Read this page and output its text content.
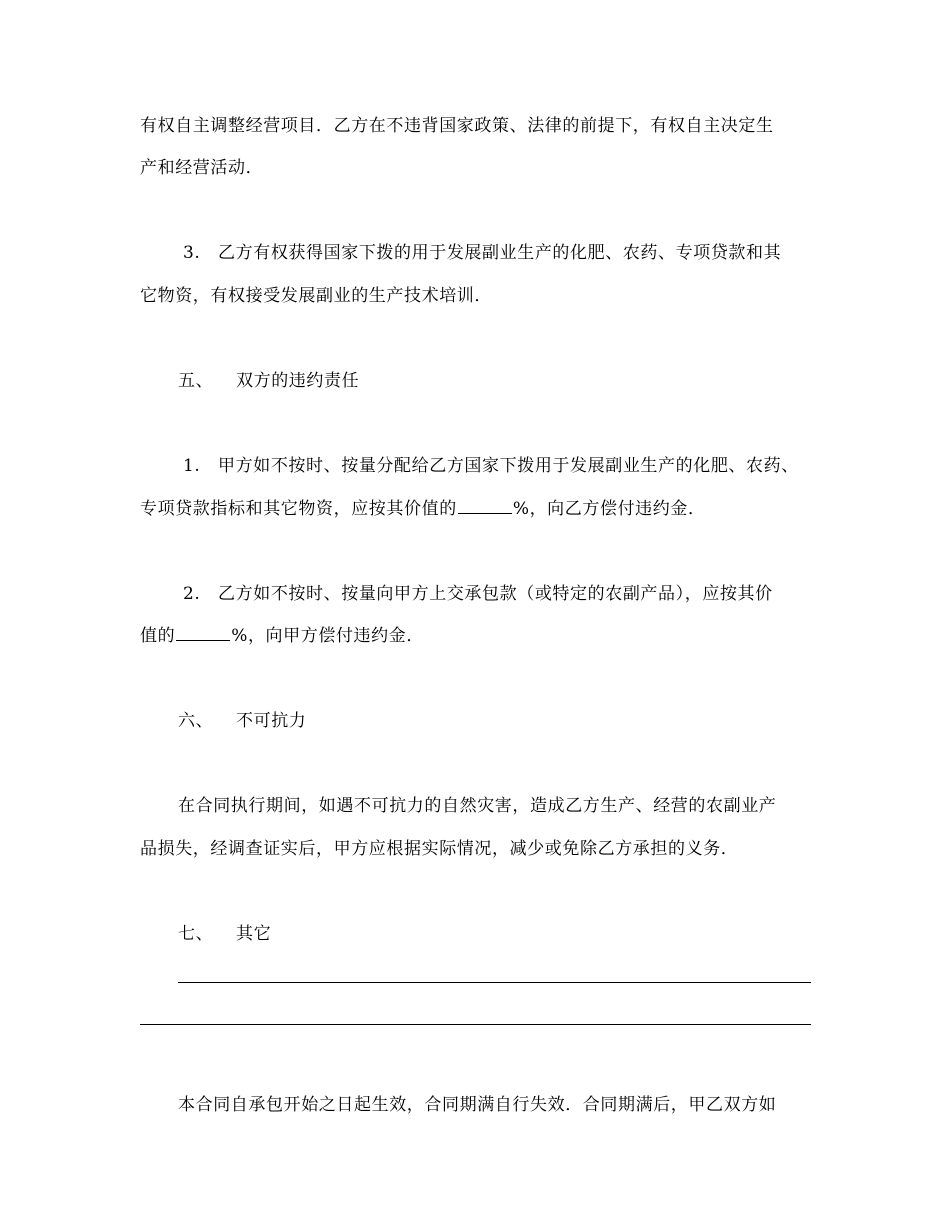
有权自主调整经营项目．乙方在不违背国家政策、法律的前提下，有权自主决定生
产和经营活动．
3.　乙方有权获得国家下拨的用于发展副业生产的化肥、农药、专项贷款和其
它物资，有权接受发展副业的生产技术培训．
五、 双方的违约责任
1.　甲方如不按时、按量分配给乙方国家下拨用于发展副业生产的化肥、农药、
专项贷款指标和其它物资，应按其价值的	%，向乙方偿付违约金．
2.　乙方如不按时、按量向甲方上交承包款（或特定的农副产品），应按其价
值的	%，向甲方偿付违约金．
六、 不可抗力
在合同执行期间，如遇不可抗力的自然灾害，造成乙方生产、经营的农副业产
品损失，经调查证实后，甲方应根据实际情况，减少或免除乙方承担的义务．
七、 其它
本合同自承包开始之日起生效，合同期满自行失效．合同期满后，甲乙双方如
